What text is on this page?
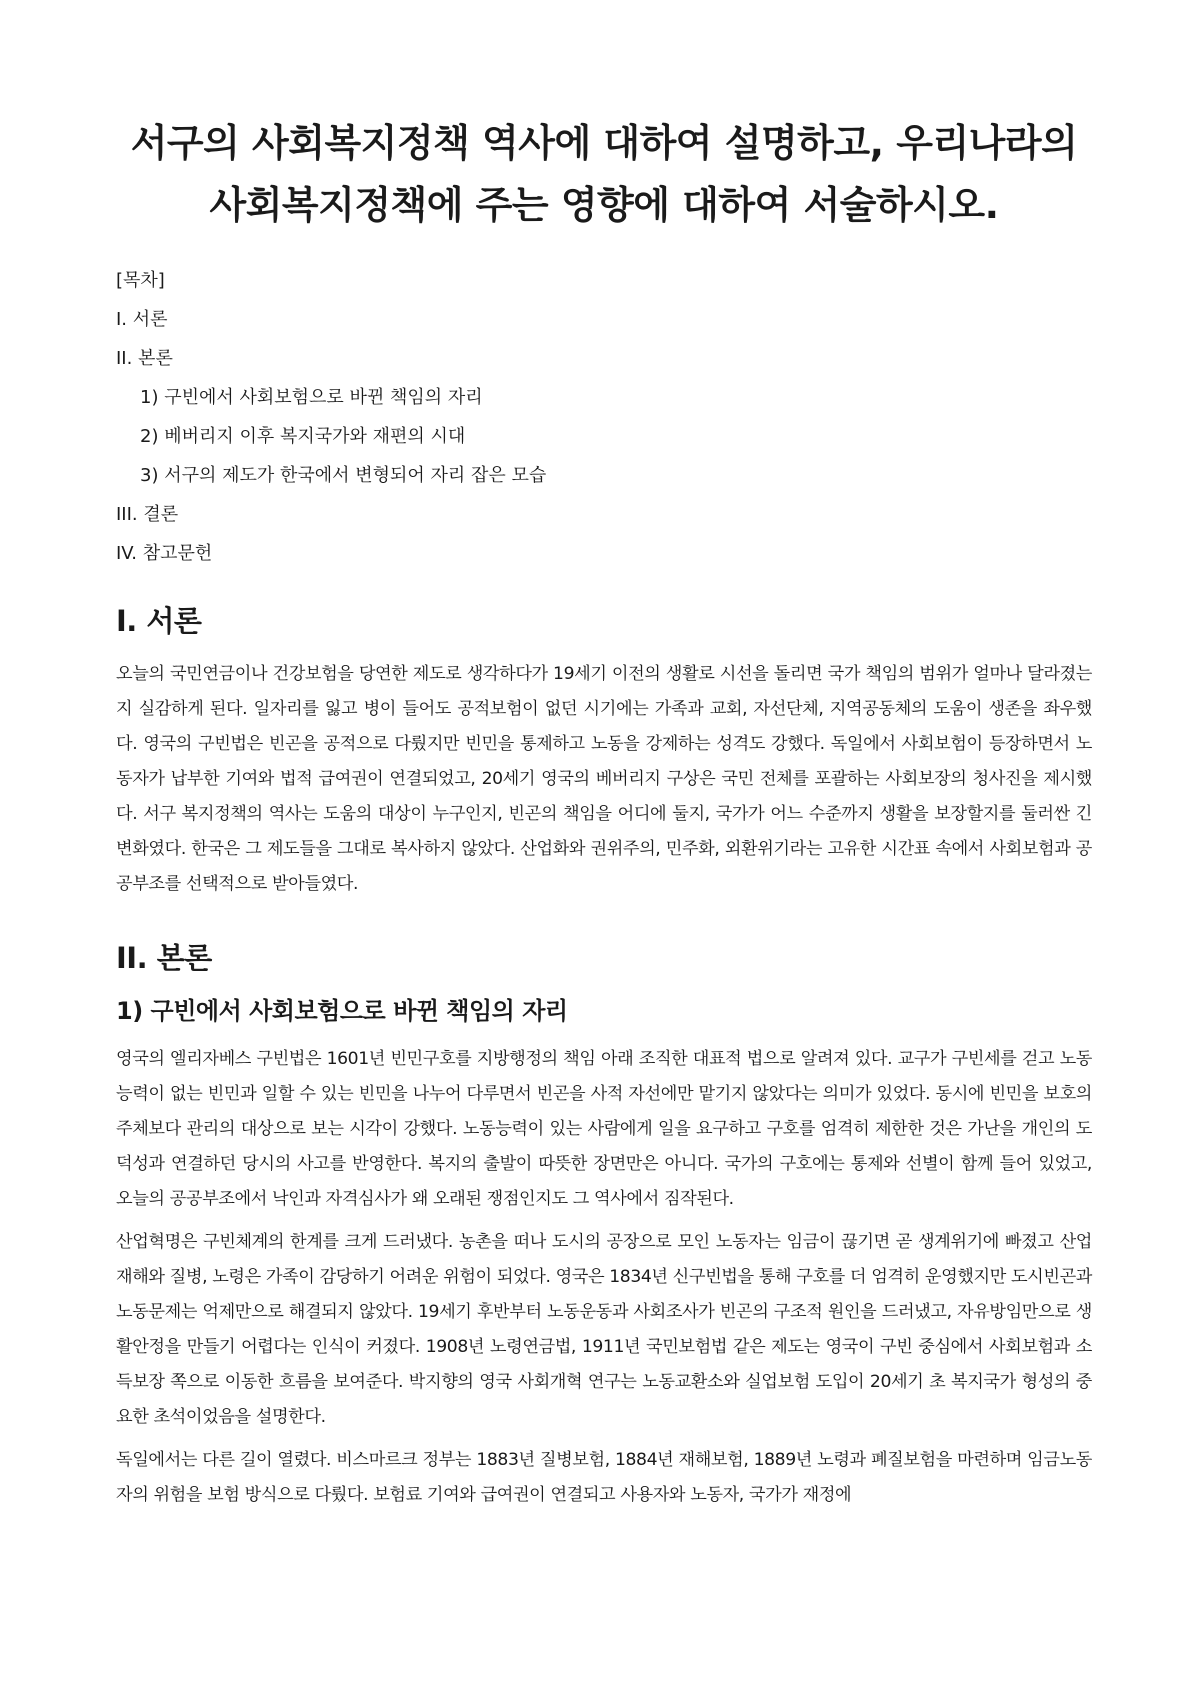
서구의 사회복지정책 역사에 대하여 설명하고, 우리나라의 사회복지정책에 주는 영향에 대하여 서술하시오.
[목차]
I. 서론
II. 본론
1) 구빈에서 사회보험으로 바뀐 책임의 자리
2) 베버리지 이후 복지국가와 재편의 시대
3) 서구의 제도가 한국에서 변형되어 자리 잡은 모습
III. 결론
IV. 참고문헌
I. 서론

오늘의 국민연금이나 건강보험을 당연한 제도로 생각하다가 19세기 이전의 생활로 시선을 돌리면 국가 책임의 범위가 얼마나 달라졌는지 실감하게 된다. 일자리를 잃고 병이 들어도 공적보험이 없던 시기에는 가족과 교회, 자선단체, 지역공동체의 도움이 생존을 좌우했다. 영국의 구빈법은 빈곤을 공적으로 다뤘지만 빈민을 통제하고 노동을 강제하는 성격도 강했다. 독일에서 사회보험이 등장하면서 노동자가 납부한 기여와 법적 급여권이 연결되었고, 20세기 영국의 베버리지 구상은 국민 전체를 포괄하는 사회보장의 청사진을 제시했다. 서구 복지정책의 역사는 도움의 대상이 누구인지, 빈곤의 책임을 어디에 둘지, 국가가 어느 수준까지 생활을 보장할지를 둘러싼 긴 변화였다. 한국은 그 제도들을 그대로 복사하지 않았다. 산업화와 권위주의, 민주화, 외환위기라는 고유한 시간표 속에서 사회보험과 공공부조를 선택적으로 받아들였다.

II. 본론
1) 구빈에서 사회보험으로 바뀐 책임의 자리

영국의 엘리자베스 구빈법은 1601년 빈민구호를 지방행정의 책임 아래 조직한 대표적 법으로 알려져 있다. 교구가 구빈세를 걷고 노동능력이 없는 빈민과 일할 수 있는 빈민을 나누어 다루면서 빈곤을 사적 자선에만 맡기지 않았다는 의미가 있었다. 동시에 빈민을 보호의 주체보다 관리의 대상으로 보는 시각이 강했다. 노동능력이 있는 사람에게 일을 요구하고 구호를 엄격히 제한한 것은 가난을 개인의 도덕성과 연결하던 당시의 사고를 반영한다. 복지의 출발이 따뜻한 장면만은 아니다. 국가의 구호에는 통제와 선별이 함께 들어 있었고, 오늘의 공공부조에서 낙인과 자격심사가 왜 오래된 쟁점인지도 그 역사에서 짐작된다.

산업혁명은 구빈체계의 한계를 크게 드러냈다. 농촌을 떠나 도시의 공장으로 모인 노동자는 임금이 끊기면 곧 생계위기에 빠졌고 산업재해와 질병, 노령은 가족이 감당하기 어려운 위험이 되었다. 영국은 1834년 신구빈법을 통해 구호를 더 엄격히 운영했지만 도시빈곤과 노동문제는 억제만으로 해결되지 않았다. 19세기 후반부터 노동운동과 사회조사가 빈곤의 구조적 원인을 드러냈고, 자유방임만으로 생활안정을 만들기 어렵다는 인식이 커졌다. 1908년 노령연금법, 1911년 국민보험법 같은 제도는 영국이 구빈 중심에서 사회보험과 소득보장 쪽으로 이동한 흐름을 보여준다. 박지향의 영국 사회개혁 연구는 노동교환소와 실업보험 도입이 20세기 초 복지국가 형성의 중요한 초석이었음을 설명한다.

독일에서는 다른 길이 열렸다. 비스마르크 정부는 1883년 질병보험, 1884년 재해보험, 1889년 노령과 폐질보험을 마련하며 임금노동자의 위험을 보험 방식으로 다뤘다. 보험료 기여와 급여권이 연결되고 사용자와 노동자, 국가가 재정에
